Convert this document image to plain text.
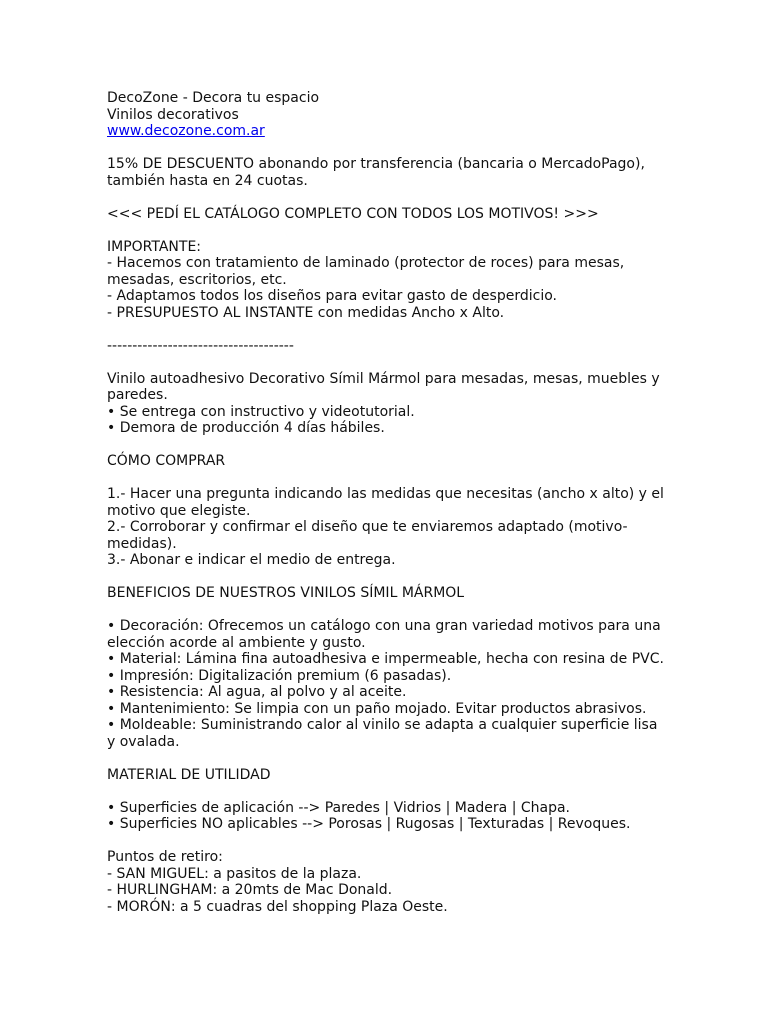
DecoZone - Decora tu espacio
Vinilos decorativos
www.decozone.com.ar
15% DE DESCUENTO abonando por transferencia (bancaria o MercadoPago),
también hasta en 24 cuotas.
<<< PEDÍ EL CATÁLOGO COMPLETO CON TODOS LOS MOTIVOS! >>>
IMPORTANTE:
- Hacemos con tratamiento de laminado (protector de roces) para mesas,
mesadas, escritorios, etc.
- Adaptamos todos los diseños para evitar gasto de desperdicio.
- PRESUPUESTO AL INSTANTE con medidas Ancho x Alto.
-------------------------------------
Vinilo autoadhesivo Decorativo Símil Mármol para mesadas, mesas, muebles y
paredes.
• Se entrega con instructivo y videotutorial.
• Demora de producción 4 días hábiles.
CÓMO COMPRAR
1.- Hacer una pregunta indicando las medidas que necesitas (ancho x alto) y el
motivo que elegiste.
2.- Corroborar y confirmar el diseño que te enviaremos adaptado (motivo-
medidas).
3.- Abonar e indicar el medio de entrega.
BENEFICIOS DE NUESTROS VINILOS SÍMIL MÁRMOL
• Decoración: Ofrecemos un catálogo con una gran variedad motivos para una
elección acorde al ambiente y gusto.
• Material: Lámina fina autoadhesiva e impermeable, hecha con resina de PVC.
• Impresión: Digitalización premium (6 pasadas).
• Resistencia: Al agua, al polvo y al aceite.
• Mantenimiento: Se limpia con un paño mojado. Evitar productos abrasivos.
• Moldeable: Suministrando calor al vinilo se adapta a cualquier superficie lisa
y ovalada.
MATERIAL DE UTILIDAD
• Superficies de aplicación --> Paredes | Vidrios | Madera | Chapa.
• Superficies NO aplicables --> Porosas | Rugosas | Texturadas | Revoques.
Puntos de retiro:
- SAN MIGUEL: a pasitos de la plaza.
- HURLINGHAM: a 20mts de Mac Donald.
- MORÓN: a 5 cuadras del shopping Plaza Oeste.
